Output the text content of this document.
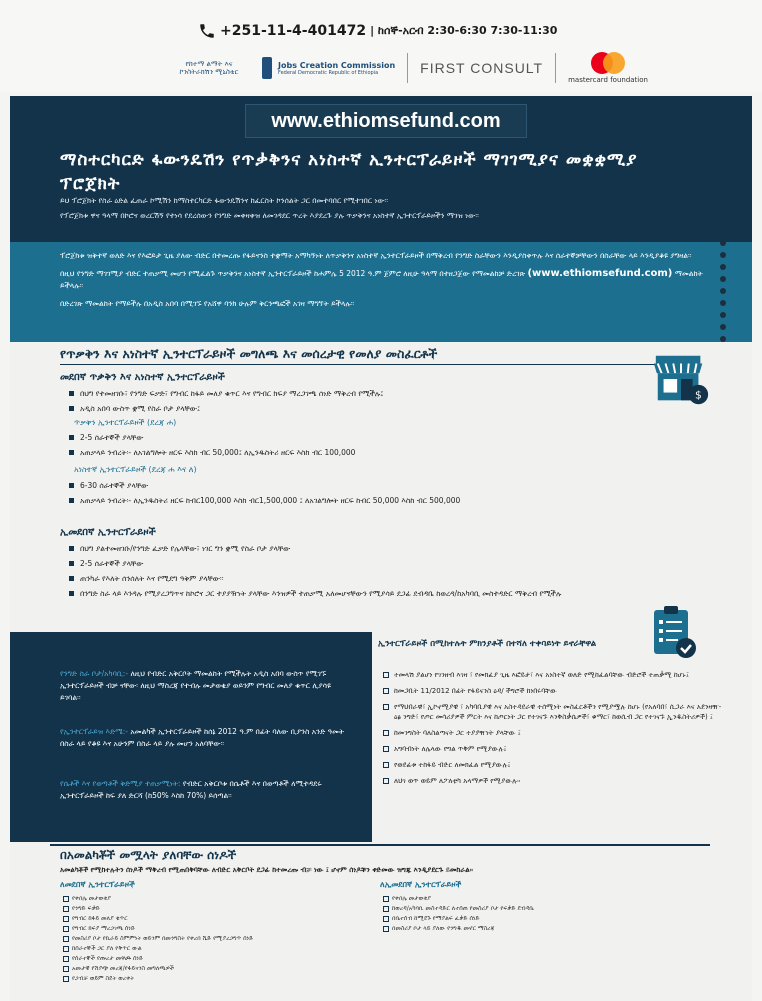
+251-11-4-401472 | ከሰኞ-አርብ 2:30-6:30 7:30-11:30
የከተማ ልማት እና ኮንስትራክሽን ሚኒስቴር
Jobs Creation Commission
Federal Democratic Republic of Ethiopia	FIRST CONSULT
mastercard foundation
www.ethiomsefund.com
ማስተርካርድ ፋውንዴሽን የጥቃቅንና አነስተኛ ኢንተርፕራይዞች ማገገሚያና መቋቋሚያ ፕሮጀክት

ይህ ፕሮጀክት የስራ ዕድል ፈጠራ ኮሚሽን ከማስተርካርድ ፋውንዴሽንና ከፈርስት ኮንሰልት ጋር በመተባበር የሚተገበር ነው፡፡

የፕሮጀክቱ ዋና ዓላማ በኮሮና ወረርሽኝ የተነሳ የደረሰውን የንግድ መቀዛቀዝ ለመገዳደር ጥረት እያደረጉ ያሉ ጥቃቅንና አነስተኛ ኢንተርፕራይዞችን ማገዝ ነው፡፡

ፕሮጀክቱ ዝቅተኛ ወለድ እና የእፎይታ ጊዜ ያለው ብድር በተመረጡ የፋይናንስ ተቋማት አማካኝነት ለጥቃቅንና አነስተኛ ኢንተርፕራይዞች በማቅረብ የንግድ ስራቸውን እንዲያስቀጥሉ እና ሰራተኞቻቸውን በስራቸው ላይ እንዲያቆዩ ያግዛል፡፡

በዚህ የንግድ ማገገሚያ ብድር ተጠቃሚ መሆን የሚፈልጉ ጥቃቅንና አነስተኛ ኢንተርፕራይዞች ከሐምሌ 5 2012 ዓ.ም ጀምሮ ለዚሁ ዓላማ በተዘጋጀው የማመልከቻ ድረገጽ (www.ethiomsefund.com) ማመልከት ይችላሉ፡፡

በድረገጽ ማመልከት የማይችሉ በአዲስ አበባ በሚገኙ የአሸዋ ባንክ ሁሉም ቅርንጫፎች አገዛ ማግኘት ይችላሉ፡፡

የጥቃቅን እና አነስተኛ ኢንተርፕራይዞች መግለጫ እና መሰረታዊ የመለያ መስፈርቶች
$
መደበኛ ጥቃቅን እና አነስተኛ ኢንተርፕራይዞች
በህግ የተመዘገቡ፣ የንግድ ፍቃድ፣ የግብር ከፋይ መለያ ቁጥር እና የግብር ክፍያ ማረጋገጫ ሰነድ ማቅረብ የሚችሉ፤
አዲስ አበባ ውስጥ ቋሚ የስራ ቦታ ያላቸው፤
ጥቃቅን ኢንተርፕራይዞች (ደረጃ ሐ)
2-5 ሰራተኞች ያላቸው
አጠቃላይ ንብረት፡- ለአገልግሎት ዘርፍ እስከ ብር 50,000፤ ለኢንዱስትሪ ዘርፍ እስከ ብር 100,000
አነስተኛ ኢንተርፕራይዞች (ደረጃ ሐ እና ለ)
6-30 ሰራተኞች ያላቸው
አጠቃላይ ንብረት፡- ለኢንዱስትሪ ዘርፍ ከብር100,000 እስከ ብር1,500,000 ፤ ለአገልግሎት ዘርፍ ከብር 50,000 እስከ ብር 500,000
ኢመደበኛ ኢንተርፕራይዞች
በህግ ያልተመዘገቡ/የንግድ ፈቃድ የሌላቸው፣ ነገር ግን ቋሚ የስራ ቦታ ያላቸው
2-5 ሰራተኞች ያላቸው
ጠንካራ የእለት ሰንሰለት እና የሚደግ ዓቅም ያላቸው፡፡
በንግድ ስራ ላይ እንዳሉ የሚያረጋግጥና ከኮሮና ጋር ተያያዥነት ያላቸው እንዝዎች ተጠቃሚ አለመሆናቸውን የሚያሳይ ደጋፊ ደብዳቤ ከወረዳ/ከአካባቢ መስተዳድር ማቅረብ የሚችሉ
የንግድ ስራ ቦታ/አካባቢ:- ለዚህ የብድር አቅርቦት ማመልከት የሚችሉት አዲስ አበባ ውስጥ የሚገኙ ኢንተርፕራይዞች ብቻ ናቸው፡ ለዚህ ማስረጃ የተብሉ መታወቂያ ወይንም የግብር መለያ ቁጥር ሊያሳዩ ይገባል፡፡
የኢንተርፕራይዝ እድሜ:- አመልካች ኢንተርፕራይዞች ከሰኔ 2012 ዓ.ም በፊት ባለው ቢያንስ አንድ ዓመት በስራ ላይ የቆዩ እና አሁንም በስራ ላይ ያሉ መሆን አለባቸው፡፡
የሴቶች እና የወጣቶች ቅድሚያ ተጠቃሚነት: የብድር አቅርቦቱ በሴቶች እና በወጣቶች ለሚተዳደሩ ኢንተርፕራይዞች ከፍ ያለ ድርሻ (ከ50% እስከ 70%) ይሰጣል፡፡
ኢንተርፕራይዞች በሚከተሉት ምክንያቶች በተሻለ ተቀባይነት ይኖራቸዋል
ተመላሽ ያልሆነ የገንዘብ እገዛ ፣ የመክፈያ ጊዜ እፎይታ፣ እና አነስተኛ ወለድ የሚከፈልባቸው ብድሮች ተጠቃሚ ከሆኑ፤
ከመጋቢት 11/2012 በፊት የፋይናንስ ዕዳ/ ችግሮች ከነበሩባቸው
የማህበራዊ፣ ኢኮኖሚያዊ ፣ አካባቢያዊ እና አስተዳደራዊ ተሰሚነት መስፈርቶችን የሚያሟሉ ከሆኑ (የአለባበ፣ ሲጋራ እና አደንዛዥ- ዕፅ ንግድ፣ የጦር መሳሪያዎች ምርት እና ከጦርነት ጋር የተገናኙ እንቅስቃሴዎች፣ ቁማር፣ ከወሲብ ጋር የተገናኙ ኢንዱስትሪዎች) ፤
ከመንግስት ባለስልጣናት ጋር ተያያዥነት ያላቸው ፤
አግባብነት ለሌላው የግል ጥቅም የሚያውሉ፤
የወደፊቱ ተከፋይ ብድር ለመክፈል የሚያውሉ፤
ለህገ ወጥ ወይም ለፖለቲካ አላማዎች የሚያውሉ፡፡
በአመልካቾች መሟላት ያለባቸው ሰነዶች
አመልካቾች የሚከተሉትን ሰነዶች ማቅረብ የሚጠበቅባቸው ለብድር አቅርቦት ደጋፊ ከተመረጡ ብቻ ነው ፤ ሆኖም ሰነዶቹን ቀድመው ዝግጁ እንዲያደርጉ ይመከራል፡፡
ለመደበኛ ኢንተርፕራይዞች
የቀበሌ መታወቂያ
የንግድ ፍቃድ
የግብር ከፋይ መለያ ቁጥር
የግብር ክፍያ ማረጋገጫ ሰነድ
የመስሪያ ቦታ የኪራይ ስምምነት ወይንም በመንግስት የቀረበ ሼድ የሚያረጋግጥ ሰነድ
ከሰራተኞች ጋር ያለ የቅጥር ውል
የሰራተኞች የጡረታ መዋጮ ሰነድ
አመታዊ የሽያጭ መረጃ/የፋይናንስ መግለጫዎች
የጋብቻ ወይም ስደት ወረቀት
ለኢመደበኛ ኢንተርፕራይዞች
የቀበሌ መታወቂያ
ከወረዳ/አካባቢ መስተዳድር ለተሰጠ የመስሪያ ቦታ የፍቃድ ደብዳቤ
በቤተሰብ ከሚደጉ የማያልፍ ፈቃድ ሰነድ
በመስሪያ ቦታ ላይ ያለው የንግዱ መኖር ማስረጃ
